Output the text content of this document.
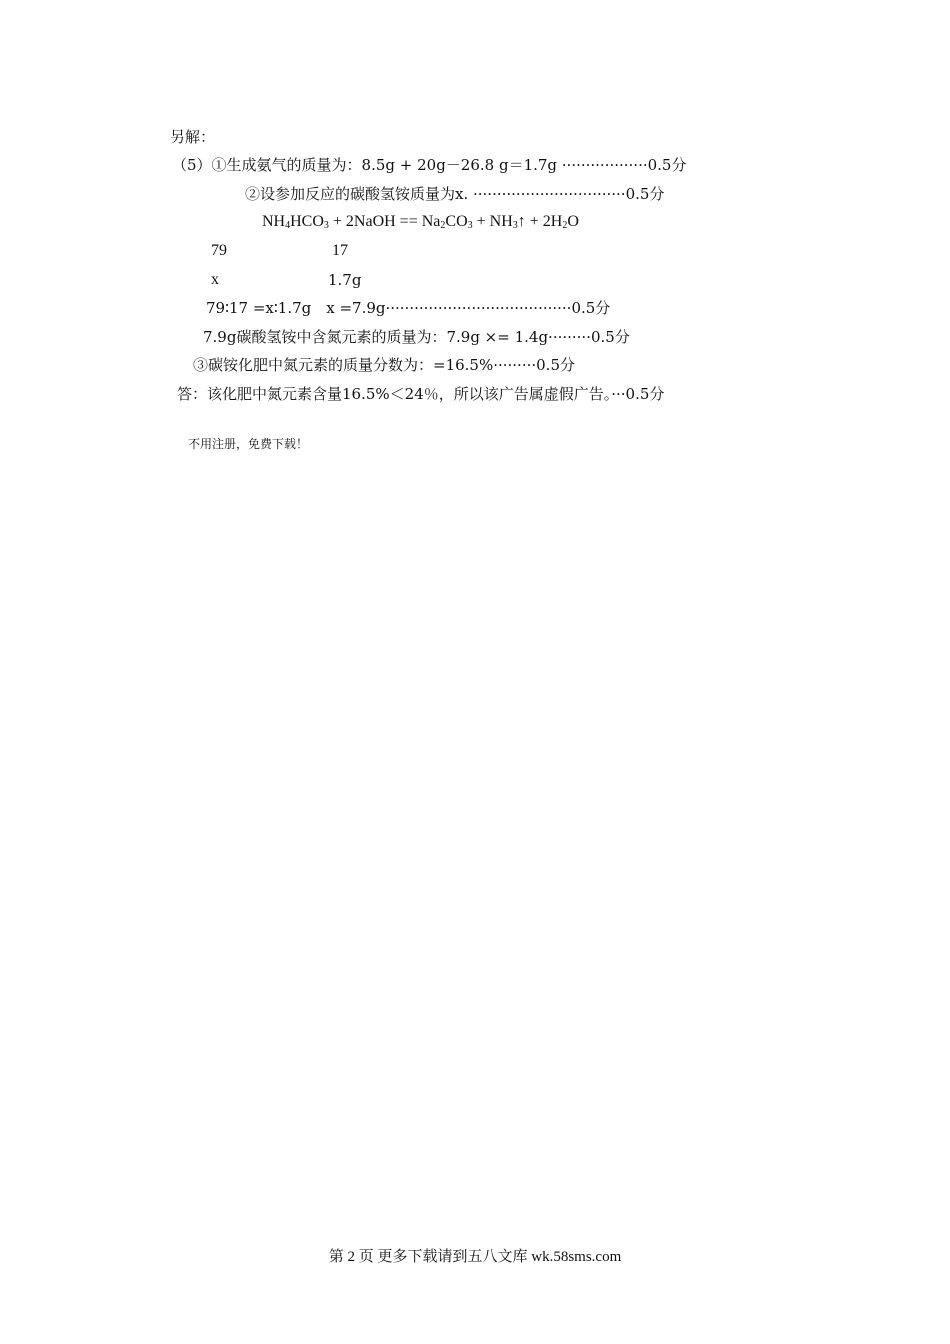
另解：
（5）①生成氨气的质量为：8.5g + 20g－26.8 g＝1.7g ··················0.5分
②设参加反应的碳酸氢铵质量为x. ································0.5分
$NH_4HCO_3$ + 2NaOH == $Na_2CO_3$ + $NH_3↑ + 2H_2O$
79	17
x	1.7g
79∶17 =x∶1.7g　x =7.9g·······································0.5分
7.9g碳酸氢铵中含氮元素的质量为：7.9g ×= 1.4g·········0.5分
③碳铵化肥中氮元素的质量分数为：=16.5%·········0.5分
答：该化肥中氮元素含量16.5%＜24％，所以该广告属虚假广告。···0.5分
不用注册，免费下载！
第 2 页 更多下载请到五八文库 wk.58sms.com
